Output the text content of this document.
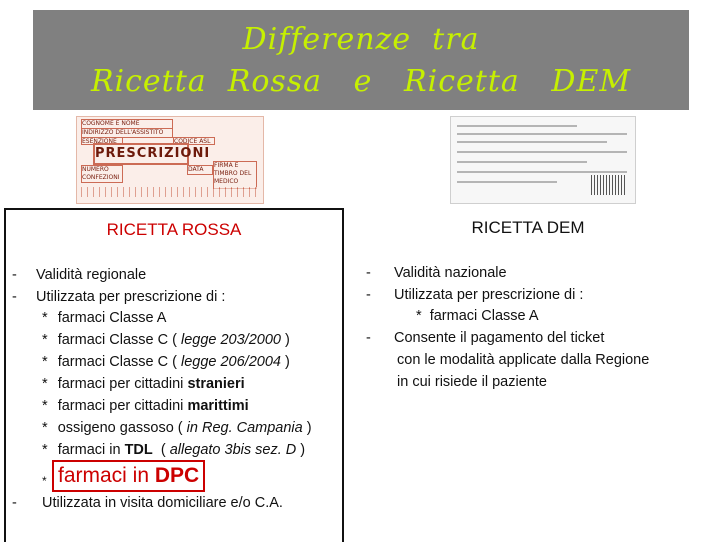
Differenze  tra
Ricetta  Rossa   e   Ricetta   DEM
COGNOME E NOME
INDIRIZZO DELL'ASSISTITO
ESENZIONE	CODICE ASL
PRESCRIZIONI
NUMERO CONFEZIONI
DATA
FIRMA E TIMBRO DEL MEDICO
RICETTA ROSSA
- Validità regionale
- Utilizzata per prescrizione di :
* farmaci Classe A
* farmaci Classe C ( legge 203/2000 )
* farmaci Classe C ( legge 206/2004 )
* farmaci per cittadini stranieri
* farmaci per cittadini marittimi
* ossigeno gassoso ( in Reg. Campania )
* farmaci in TDL  ( allegato 3bis sez. D )
* farmaci in DPC
- Utilizzata in visita domiciliare e/o C.A.
RICETTA DEM
- Validità nazionale
- Utilizzata per prescrizione di :
*  farmaci Classe A
- Consente il pagamento del ticket
con le modalità applicate dalla Regione
in cui risiede il paziente
